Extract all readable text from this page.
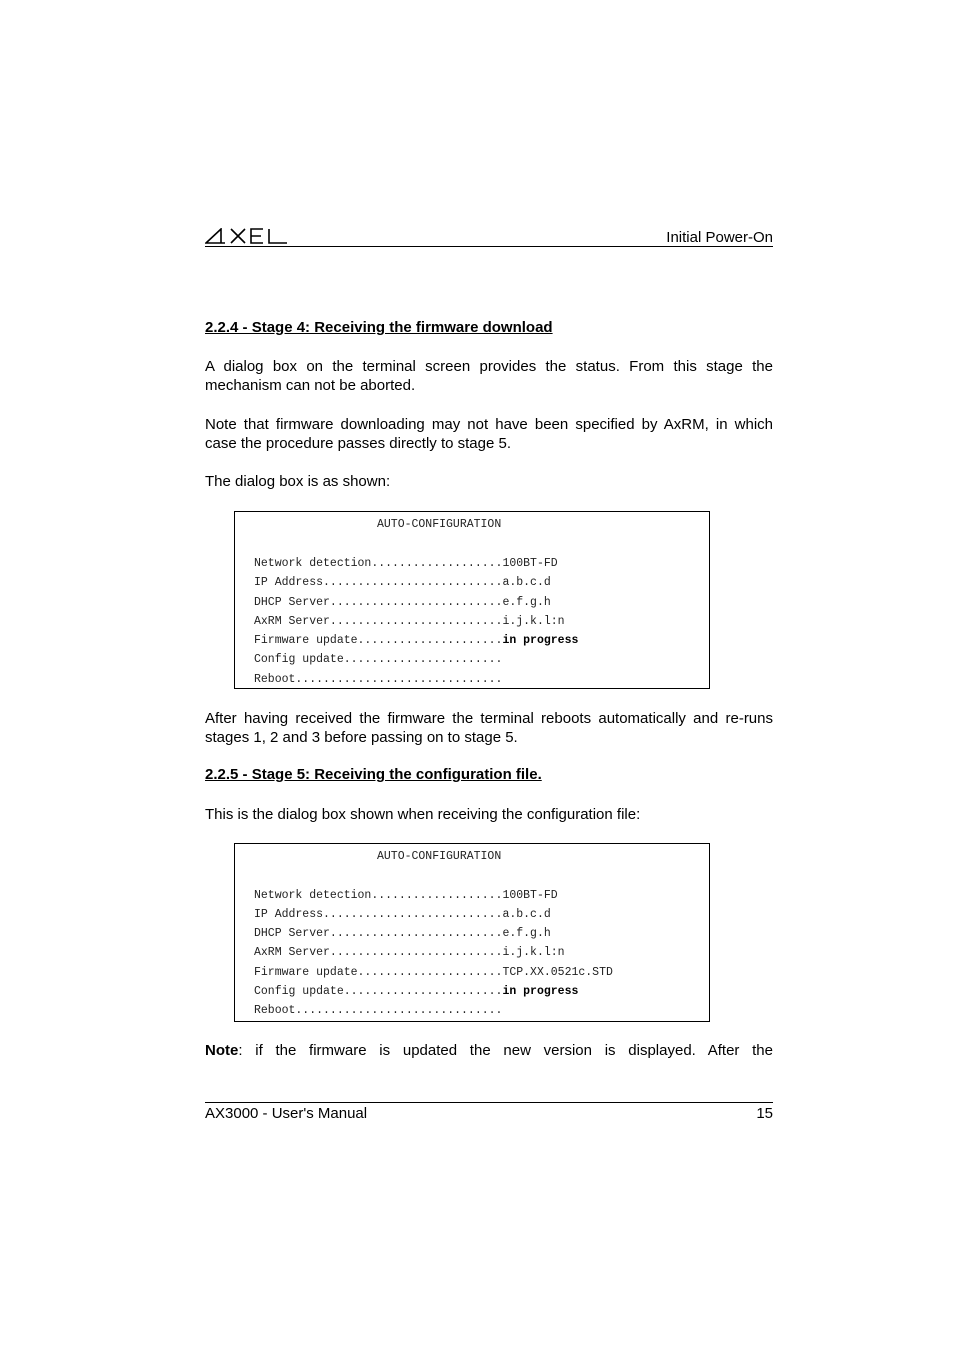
Initial Power-On
2.2.4 - Stage 4: Receiving the firmware download

A dialog box on the terminal screen provides the status. From this stage the mechanism can not be aborted.

Note that firmware downloading may not have been specified by AxRM, in which case the procedure passes directly to stage 5.

The dialog box is as shown:

AUTO-CONFIGURATION
Network detection...................100BT-FD
IP Address..........................a.b.c.d
DHCP Server.........................e.f.g.h
AxRM Server.........................i.j.k.l:n
Firmware update.....................in progress
Config update.......................
Reboot..............................

After having received the firmware the terminal reboots automatically and re-runs stages 1, 2 and 3 before passing on to stage 5.

2.2.5 - Stage 5: Receiving the configuration file.

This is the dialog box shown when receiving the configuration file:

AUTO-CONFIGURATION
Network detection...................100BT-FD
IP Address..........................a.b.c.d
DHCP Server.........................e.f.g.h
AxRM Server.........................i.j.k.l:n
Firmware update.....................TCP.XX.0521c.STD
Config update.......................in progress
Reboot..............................

Note: if the firmware is updated the new version is displayed. After the

AX3000 - User's Manual	15
